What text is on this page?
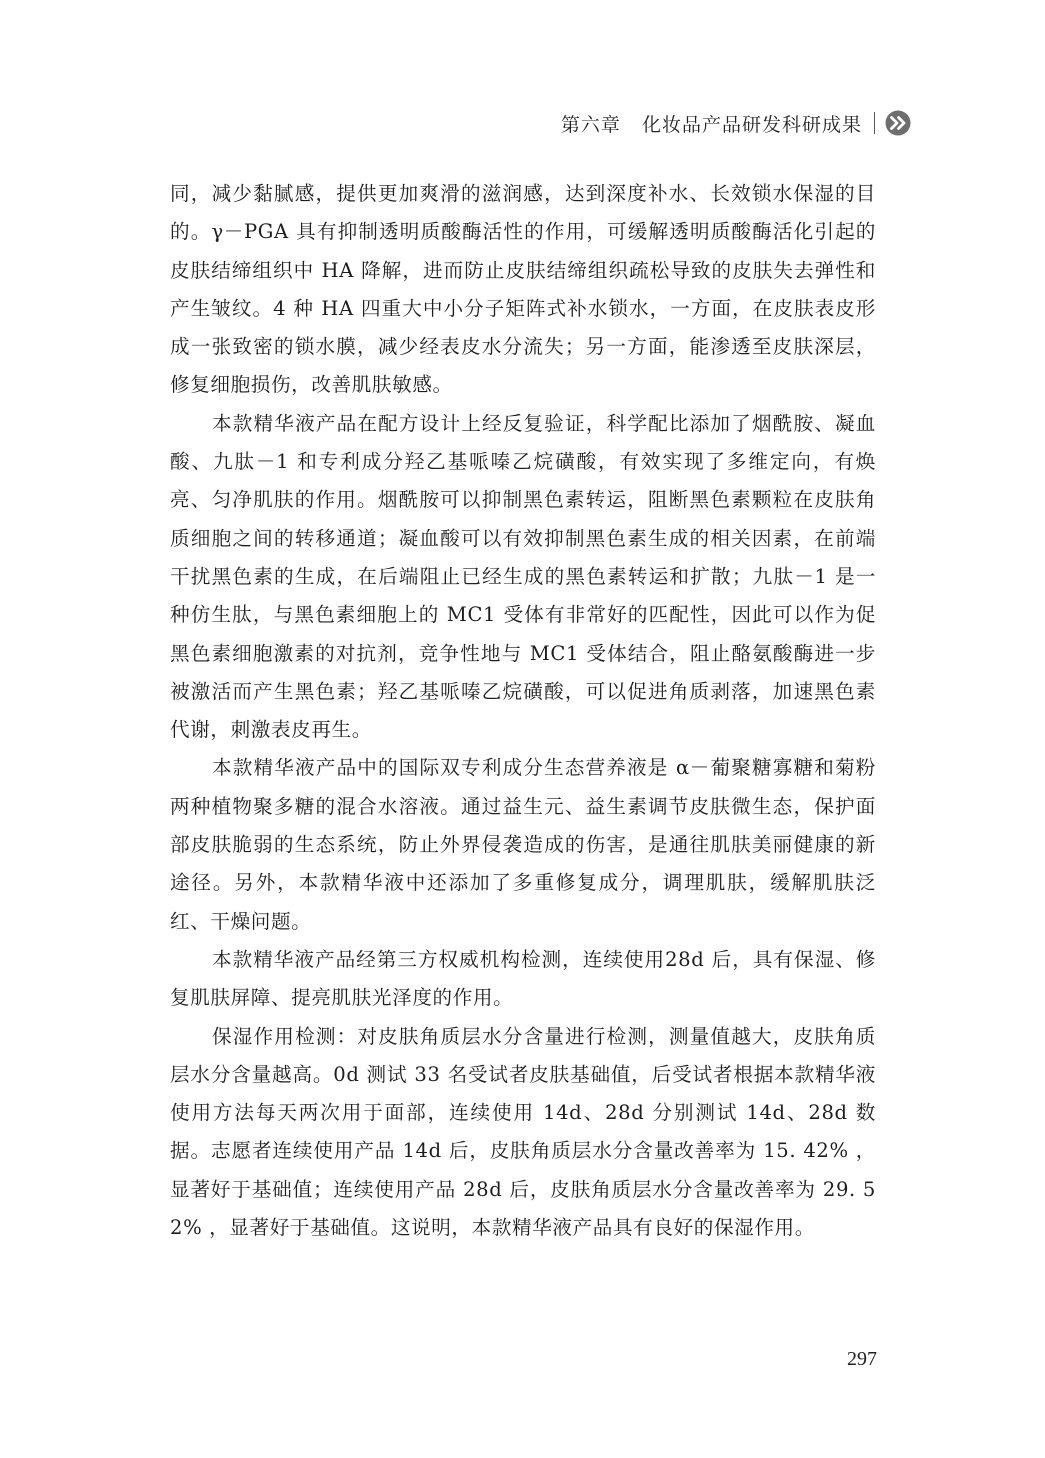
第六章   化妆品产品研发科研成果

同，减少黏腻感，提供更加爽滑的滋润感，达到深度补水、长效锁水保湿的目的。γ－PGA 具有抑制透明质酸酶活性的作用，可缓解透明质酸酶活化引起的皮肤结缔组织中 HA 降解，进而防止皮肤结缔组织疏松导致的皮肤失去弹性和产生皱纹。4 种 HA 四重大中小分子矩阵式补水锁水，一方面，在皮肤表皮形成一张致密的锁水膜，减少经表皮水分流失；另一方面，能渗透至皮肤深层，修复细胞损伤，改善肌肤敏感。

本款精华液产品在配方设计上经反复验证，科学配比添加了烟酰胺、凝血酸、九肽－1 和专利成分羟乙基哌嗪乙烷磺酸，有效实现了多维定向，有焕亮、匀净肌肤的作用。烟酰胺可以抑制黑色素转运，阻断黑色素颗粒在皮肤角质细胞之间的转移通道；凝血酸可以有效抑制黑色素生成的相关因素，在前端干扰黑色素的生成，在后端阻止已经生成的黑色素转运和扩散；九肽－1 是一种仿生肽，与黑色素细胞上的 MC1 受体有非常好的匹配性，因此可以作为促黑色素细胞激素的对抗剂，竞争性地与 MC1 受体结合，阻止酪氨酸酶进一步被激活而产生黑色素；羟乙基哌嗪乙烷磺酸，可以促进角质剥落，加速黑色素代谢，刺激表皮再生。

本款精华液产品中的国际双专利成分生态营养液是 α－葡聚糖寡糖和菊粉两种植物聚多糖的混合水溶液。通过益生元、益生素调节皮肤微生态，保护面部皮肤脆弱的生态系统，防止外界侵袭造成的伤害，是通往肌肤美丽健康的新途径。另外，本款精华液中还添加了多重修复成分，调理肌肤，缓解肌肤泛红、干燥问题。

本款精华液产品经第三方权威机构检测，连续使用28d 后，具有保湿、修复肌肤屏障、提亮肌肤光泽度的作用。

保湿作用检测：对皮肤角质层水分含量进行检测，测量值越大，皮肤角质层水分含量越高。0d 测试 33 名受试者皮肤基础值，后受试者根据本款精华液使用方法每天两次用于面部，连续使用 14d、28d 分别测试 14d、28d 数据。志愿者连续使用产品 14d 后，皮肤角质层水分含量改善率为 15. 42% ，显著好于基础值；连续使用产品 28d 后，皮肤角质层水分含量改善率为 29. 52% ，显著好于基础值。这说明，本款精华液产品具有良好的保湿作用。

297
